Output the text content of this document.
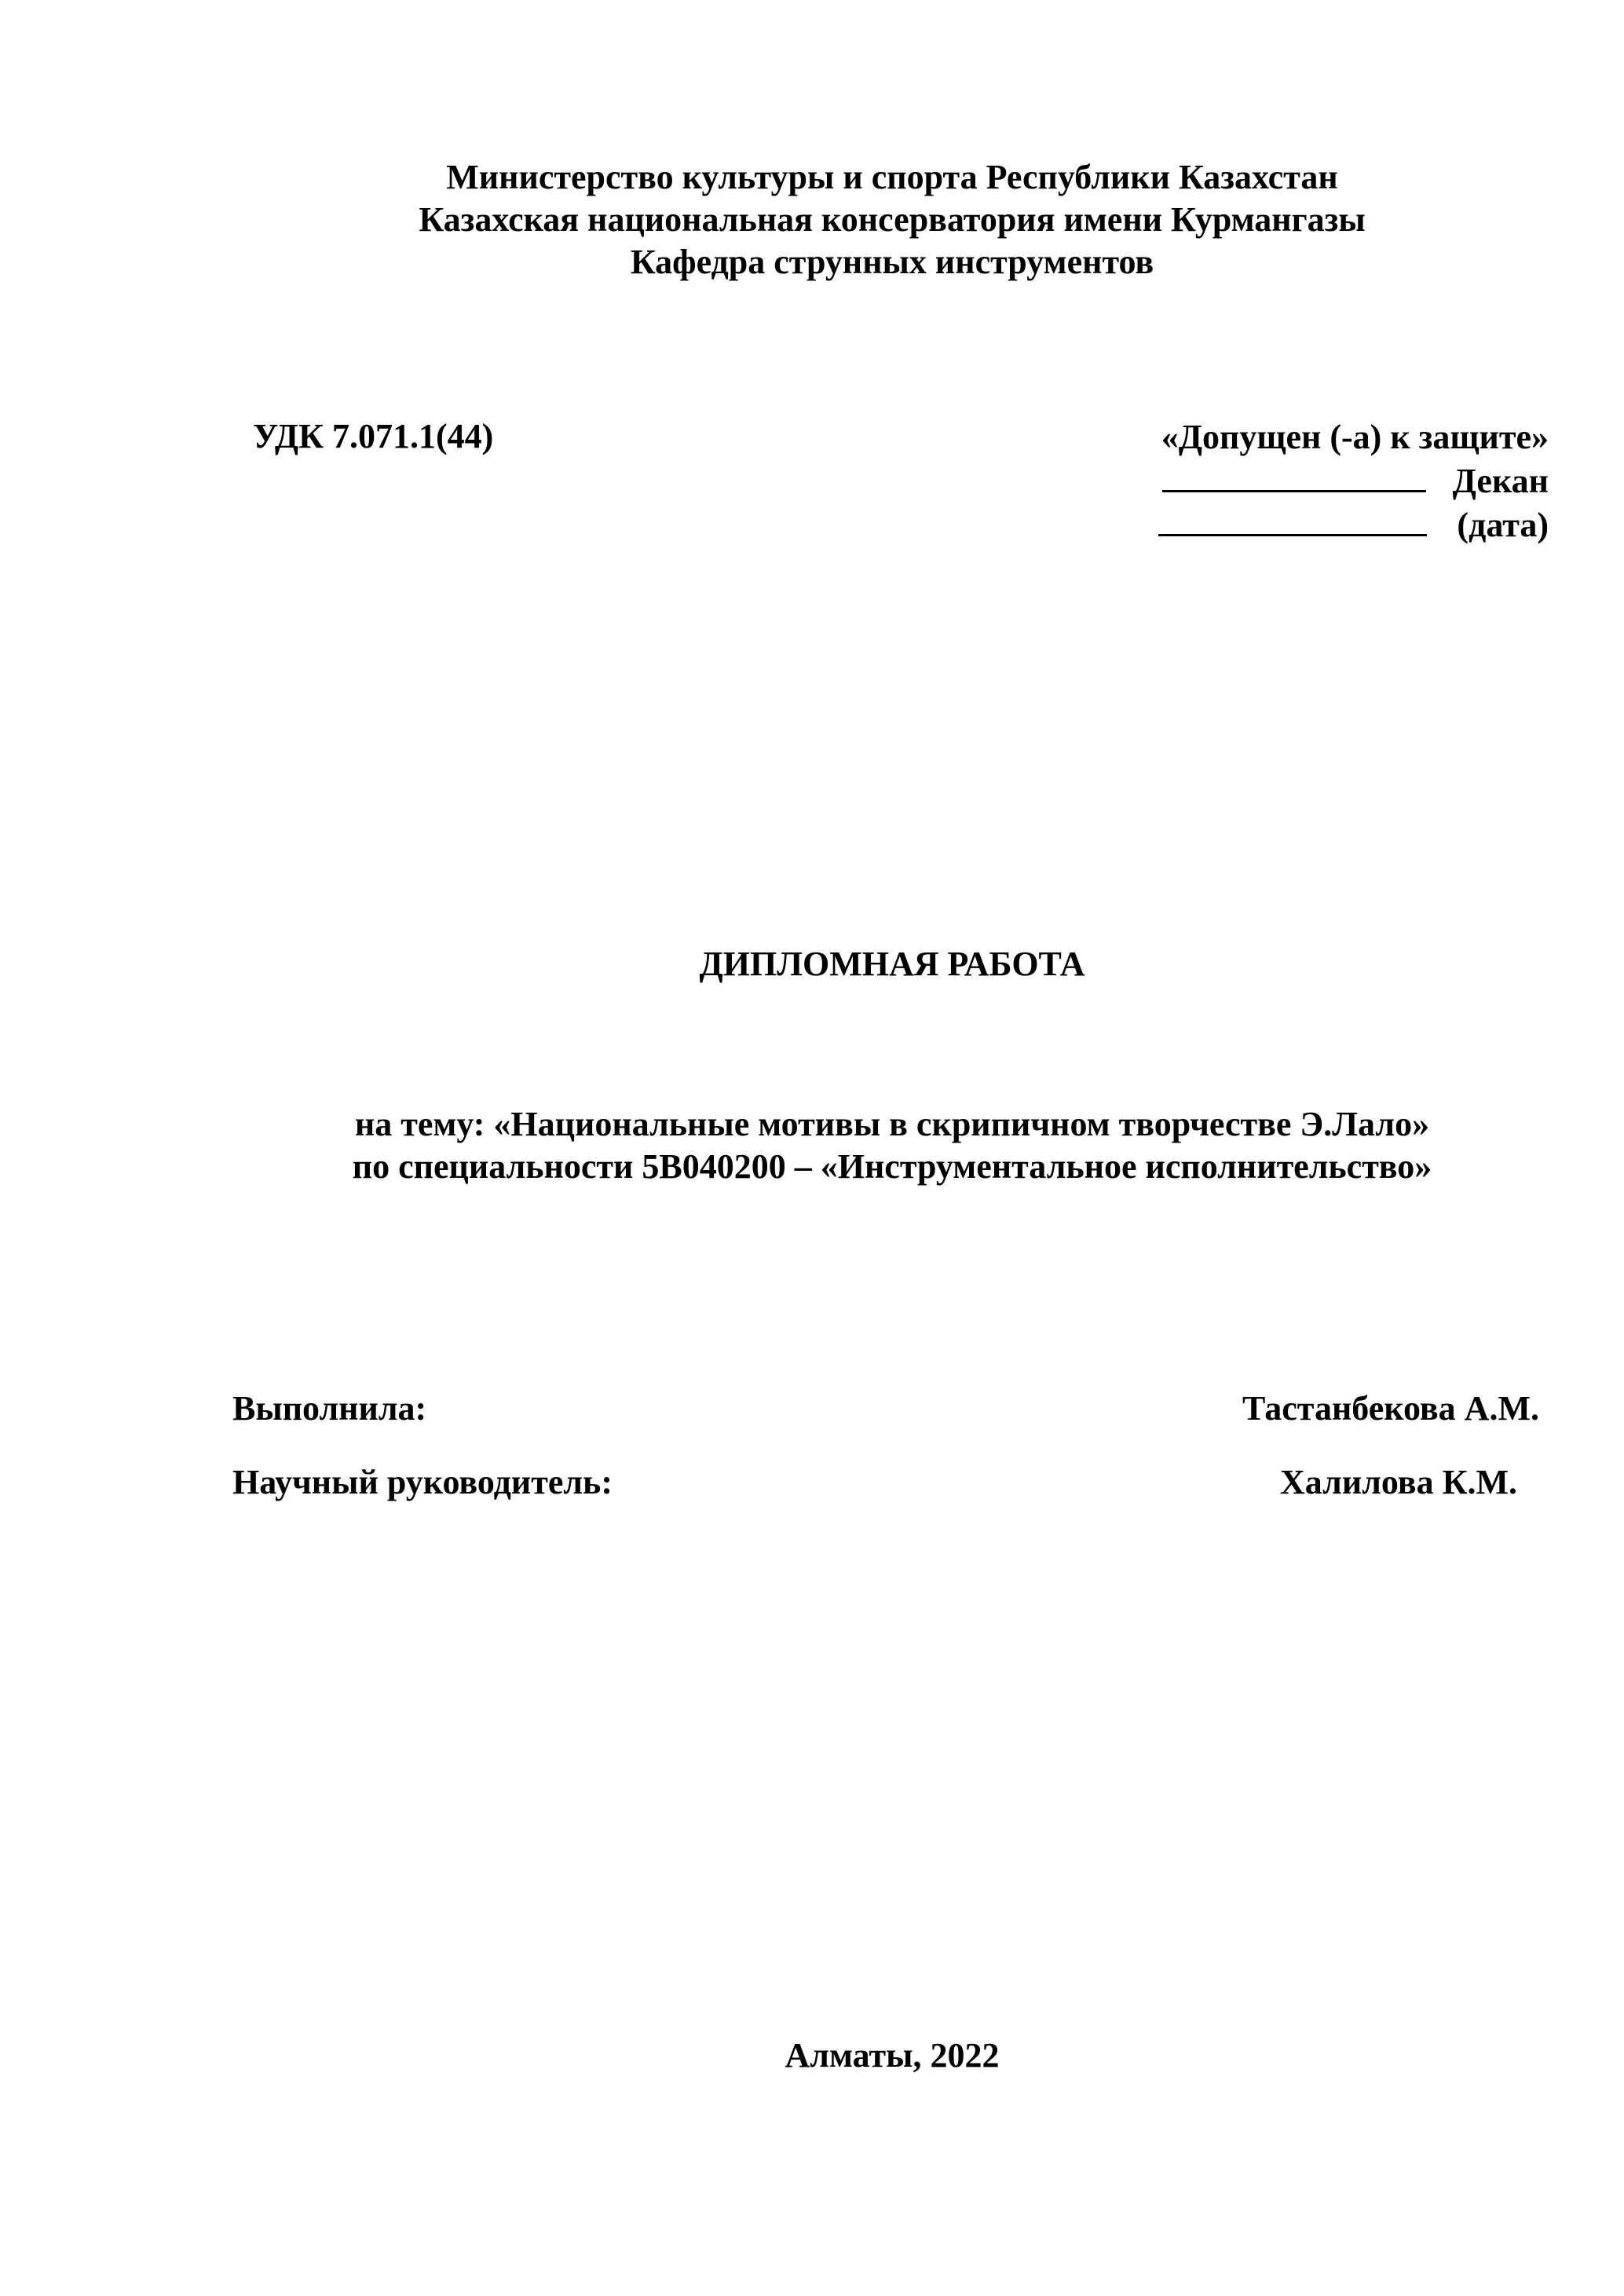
Министерство культуры и спорта Республики Казахстан
Казахская национальная консерватория имени Курмангазы
Кафедра струнных инструментов
УДК 7.071.1(44)	«Допущен (-а) к защите»
Декан
(дата)
ДИПЛОМНАЯ РАБОТА
на тему: «Национальные мотивы в скрипичном творчестве Э.Лало»
по специальности 5В040200 – «Инструментальное исполнительство»
Выполнила:	Тастанбекова А.М.
Научный руководитель:	Халилова К.М.
Алматы, 2022
